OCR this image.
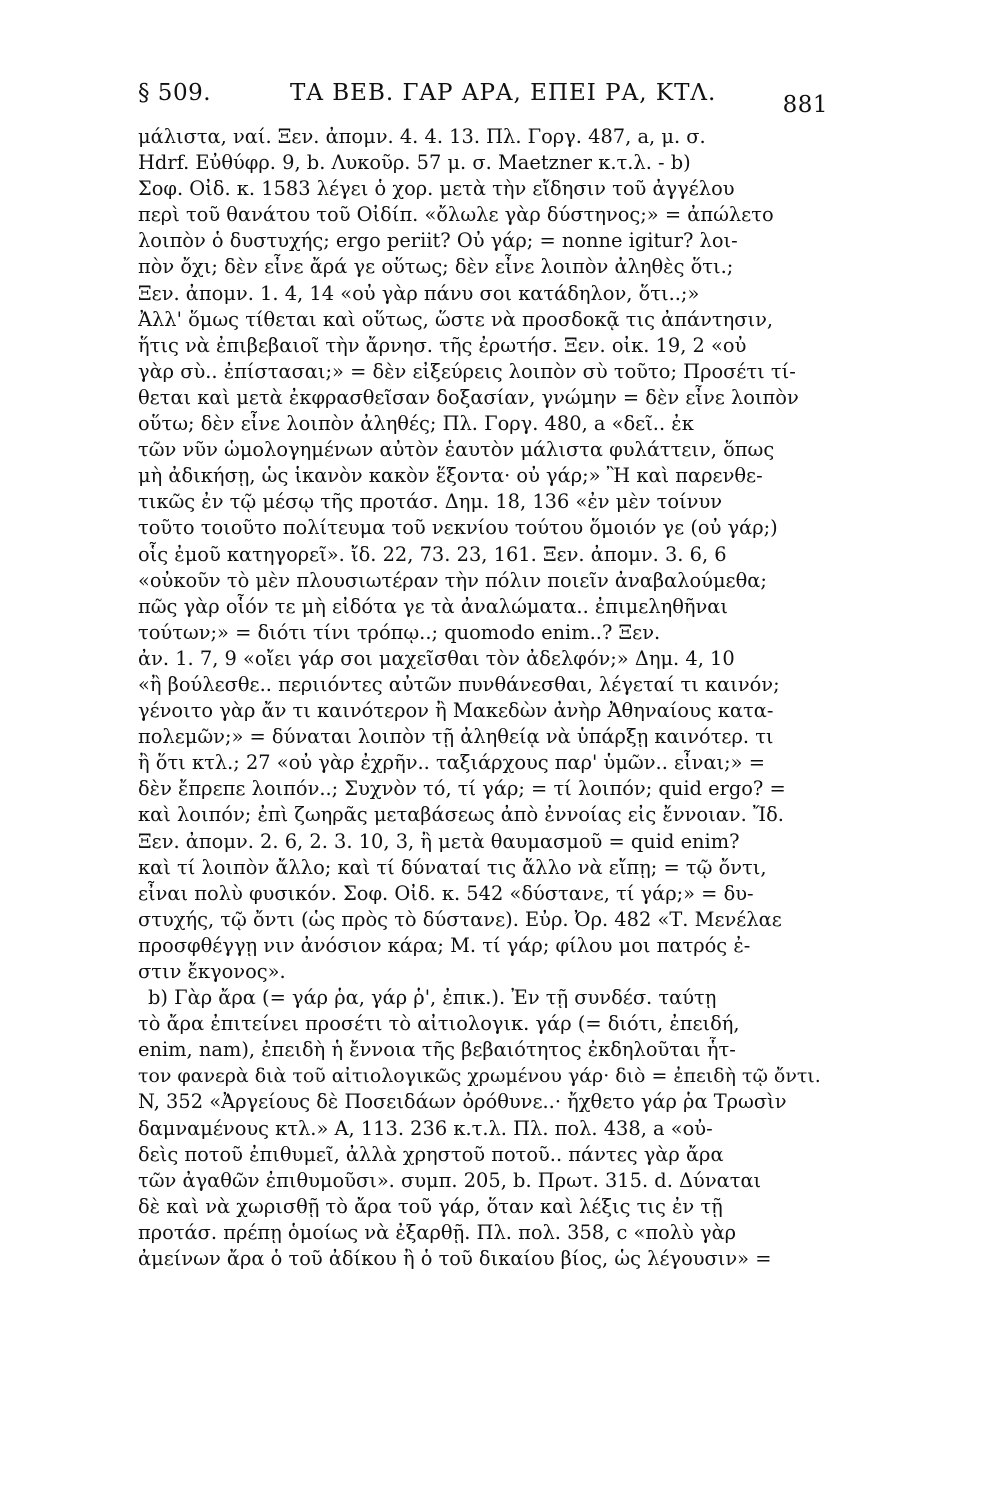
§ 509.	ΤΑ ΒΕΒ. ΓΑΡ ΑΡΑ, ΕΠΕΙ ΡΑ, ΚΤΛ.	881
μάλιστα, ναί. Ξεν. ἀπομν. 4. 4. 13. Πλ. Γοργ. 487, a, μ. σ.
Hdrf. Εὐθύφρ. 9, b. Λυκοῦρ. 57 μ. σ. Maetzner κ.τ.λ. - b)
Σοφ. Οἰδ. κ. 1583 λέγει ὁ χορ. μετὰ τὴν εἴδησιν τοῦ ἀγγέλου
περὶ τοῦ θανάτου τοῦ Οἰδίπ. «ὄλωλε γὰρ δύστηνος;» = ἀπώλετο
λοιπὸν ὁ δυστυχής; ergo periit? Οὐ γάρ; = nonne igitur? λοι-
πὸν ὄχι; δὲν εἶνε ἄρά γε οὕτως; δὲν εἶνε λοιπὸν ἀληθὲς ὅτι.;
Ξεν. ἀπομν. 1. 4, 14 «οὐ γὰρ πάνυ σοι κατάδηλον, ὅτι..;»
Ἀλλ' ὅμως τίθεται καὶ οὕτως, ὥστε νὰ προσδοκᾷ τις ἀπάντησιν,
ἥτις νὰ ἐπιβεβαιοῖ τὴν ἄρνησ. τῆς ἐρωτήσ. Ξεν. οἰκ. 19, 2 «οὐ
γὰρ σὺ.. ἐπίστασαι;» = δὲν εἰξεύρεις λοιπὸν σὺ τοῦτο; Προσέτι τί-
θεται καὶ μετὰ ἐκφρασθεῖσαν δοξασίαν, γνώμην = δὲν εἶνε λοιπὸν
οὕτω; δὲν εἶνε λοιπὸν ἀληθές; Πλ. Γοργ. 480, a «δεῖ.. ἐκ
τῶν νῦν ὡμολογημένων αὐτὸν ἑαυτὸν μάλιστα φυλάττειν, ὅπως
μὴ ἀδικήσῃ, ὡς ἱκανὸν κακὸν ἕξοντα· οὐ γάρ;» Ἢ καὶ παρενθε-
τικῶς ἐν τῷ μέσῳ τῆς προτάσ. Δημ. 18, 136 «ἐν μὲν τοίνυν
τοῦτο τοιοῦτο πολίτευμα τοῦ νεκνίου τούτου ὅμοιόν γε (οὐ γάρ;)
οἷς ἐμοῦ κατηγορεῖ». ἴδ. 22, 73. 23, 161. Ξεν. ἀπομν. 3. 6, 6
«οὐκοῦν τὸ μὲν πλουσιωτέραν τὴν πόλιν ποιεῖν ἀναβαλούμεθα;
πῶς γὰρ οἷόν τε μὴ εἰδότα γε τὰ ἀναλώματα.. ἐπιμεληθῆναι
τούτων;» = διότι τίνι τρόπῳ..; quomodo enim..? Ξεν.
ἀν. 1. 7, 9 «οἴει γάρ σοι μαχεῖσθαι τὸν ἀδελφόν;» Δημ. 4, 10
«ἢ βούλεσθε.. περιιόντες αὐτῶν πυνθάνεσθαι, λέγεταί τι καινόν;
γένοιτο γὰρ ἄν τι καινότερον ἢ Μακεδὼν ἀνὴρ Ἀθηναίους κατα-
πολεμῶν;» = δύναται λοιπὸν τῇ ἀληθείᾳ νὰ ὑπάρξῃ καινότερ. τι
ἢ ὅτι κτλ.; 27 «οὐ γὰρ ἐχρῆν.. ταξιάρχους παρ' ὑμῶν.. εἶναι;» =
δὲν ἔπρεπε λοιπόν..; Συχνὸν τό, τί γάρ; = τί λοιπόν; quid ergo? =
καὶ λοιπόν; ἐπὶ ζωηρᾶς μεταβάσεως ἀπὸ ἐννοίας εἰς ἔννοιαν. Ἴδ.
Ξεν. ἀπομν. 2. 6, 2. 3. 10, 3, ἢ μετὰ θαυμασμοῦ = quid enim?
καὶ τί λοιπὸν ἄλλο; καὶ τί δύναταί τις ἄλλο νὰ εἴπῃ; = τῷ ὄντι,
εἶναι πολὺ φυσικόν. Σοφ. Οἰδ. κ. 542 «δύστανε, τί γάρ;» = δυ-
στυχής, τῷ ὄντι (ὡς πρὸς τὸ δύστανε). Εὐρ. Ὀρ. 482 «Τ. Μενέλαε
προσφθέγγῃ νιν ἀνόσιον κάρα; Μ. τί γάρ; φίλου μοι πατρός ἐ-
στιν ἔκγονος».
b) Γὰρ ἄρα (= γάρ ῥα, γάρ ῥ', ἐπικ.). Ἐν τῇ συνδέσ. ταύτῃ
τὸ ἄρα ἐπιτείνει προσέτι τὸ αἰτιολογικ. γάρ (= διότι, ἐπειδή,
enim, nam), ἐπειδὴ ἡ ἔννοια τῆς βεβαιότητος ἐκδηλοῦται ἧτ-
τον φανερὰ διὰ τοῦ αἰτιολογικῶς χρωμένου γάρ· διὸ = ἐπειδὴ τῷ ὄντι.
N, 352 «Ἀργείους δὲ Ποσειδάων ὀρόθυνε..· ἤχθετο γάρ ῥα Τρωσὶν
δαμναμένους κτλ.» Α, 113. 236 κ.τ.λ. Πλ. πολ. 438, a «οὐ-
δεὶς ποτοῦ ἐπιθυμεῖ, ἀλλὰ χρηστοῦ ποτοῦ.. πάντες γὰρ ἄρα
τῶν ἀγαθῶν ἐπιθυμοῦσι». συμπ. 205, b. Πρωτ. 315. d. Δύναται
δὲ καὶ νὰ χωρισθῇ τὸ ἄρα τοῦ γάρ, ὅταν καὶ λέξις τις ἐν τῇ
προτάσ. πρέπῃ ὁμοίως νὰ ἐξαρθῇ. Πλ. πολ. 358, c «πολὺ γὰρ
ἀμείνων ἄρα ὁ τοῦ ἀδίκου ἢ ὁ τοῦ δικαίου βίος, ὡς λέγουσιν» =
